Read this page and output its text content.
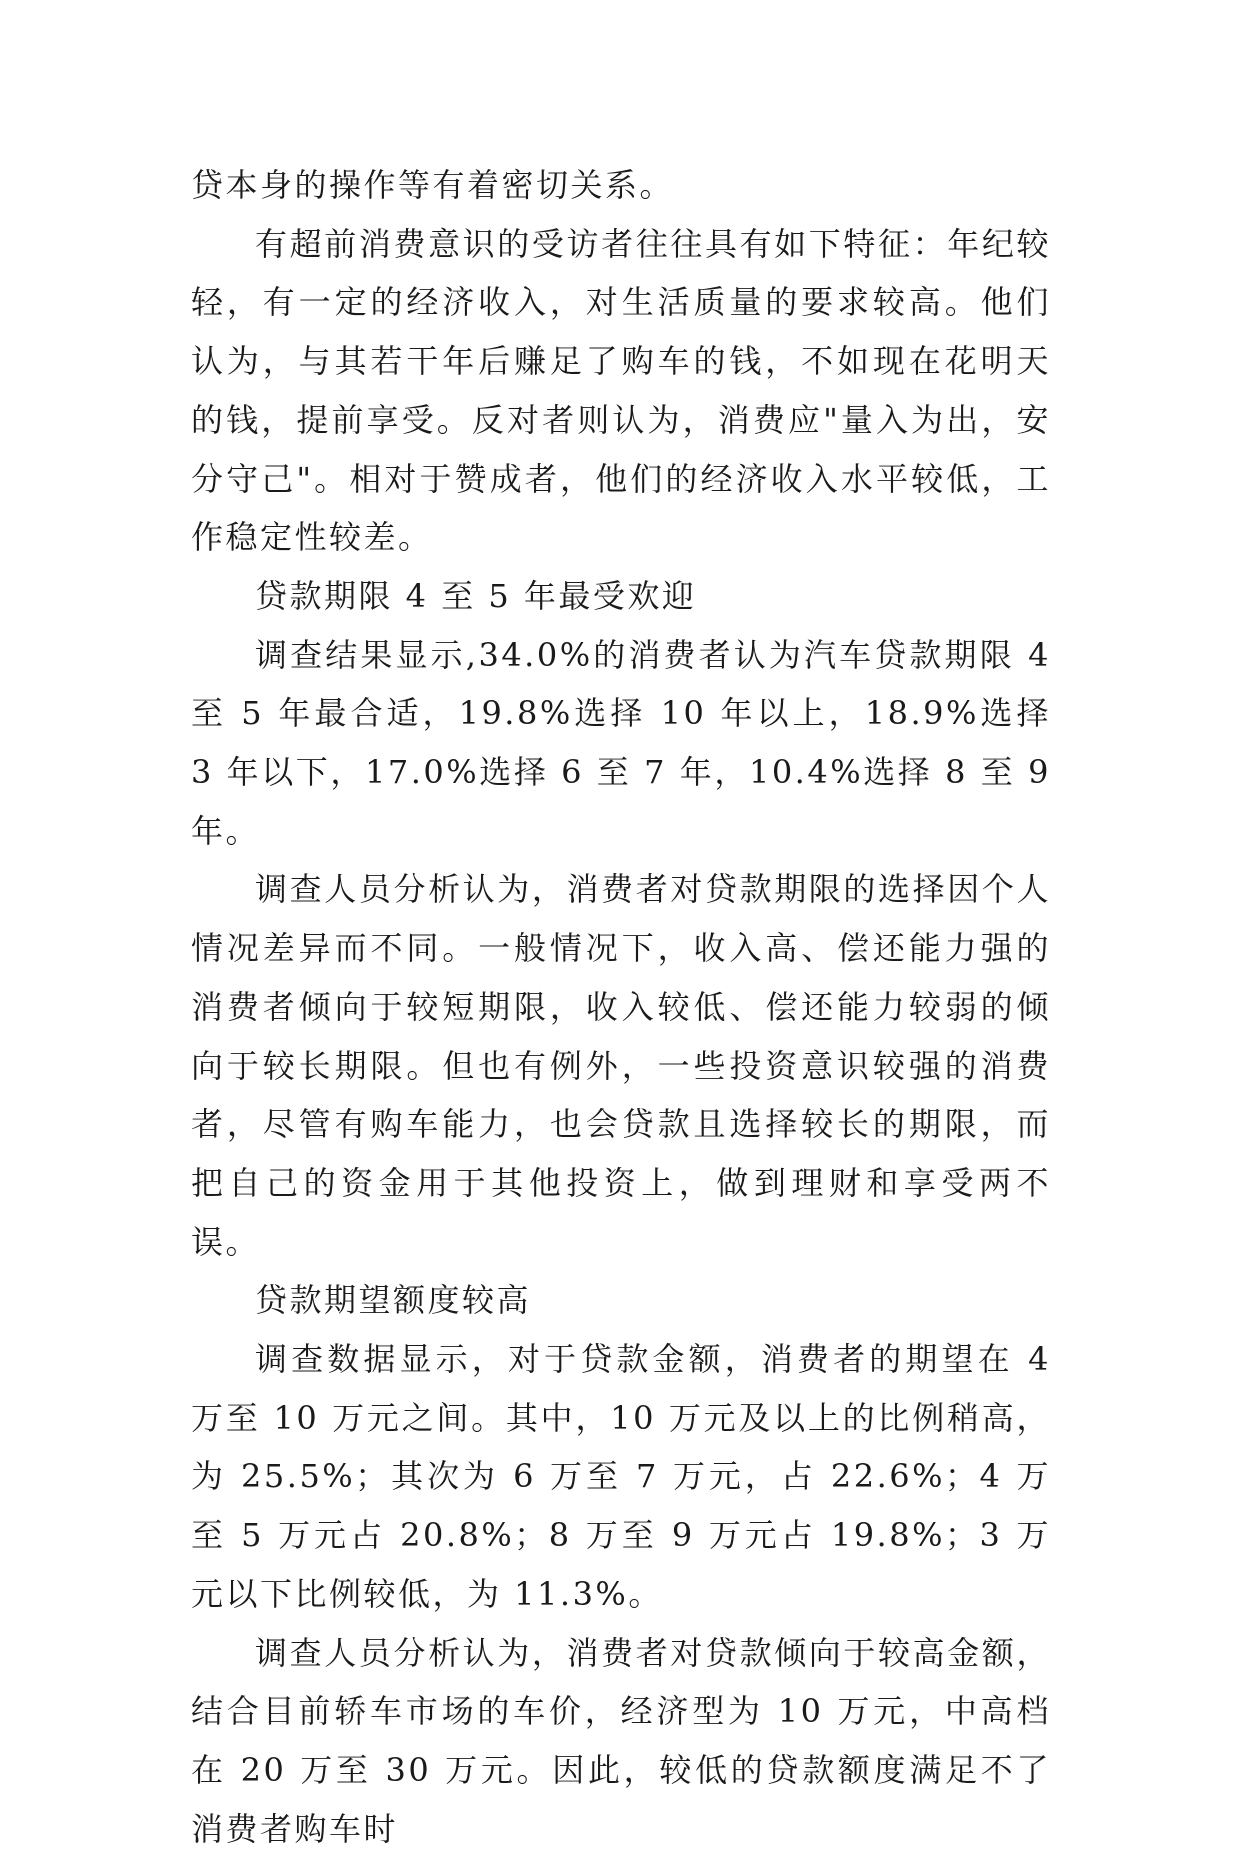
贷本身的操作等有着密切关系。

有超前消费意识的受访者往往具有如下特征：年纪较轻，有一定的经济收入，对生活质量的要求较高。他们认为，与其若干年后赚足了购车的钱，不如现在花明天的钱，提前享受。反对者则认为，消费应"量入为出，安分守己"。相对于赞成者，他们的经济收入水平较低，工作稳定性较差。

贷款期限 4 至 5 年最受欢迎

调查结果显示,34.0%的消费者认为汽车贷款期限 4 至 5 年最合适，19.8%选择 10 年以上，18.9%选择 3 年以下，17.0%选择 6 至 7 年，10.4%选择 8 至 9 年。

调查人员分析认为，消费者对贷款期限的选择因个人情况差异而不同。一般情况下，收入高、偿还能力强的消费者倾向于较短期限，收入较低、偿还能力较弱的倾向于较长期限。但也有例外，一些投资意识较强的消费者，尽管有购车能力，也会贷款且选择较长的期限，而把自己的资金用于其他投资上，做到理财和享受两不误。

贷款期望额度较高

调查数据显示，对于贷款金额，消费者的期望在 4 万至 10 万元之间。其中，10 万元及以上的比例稍高，为 25.5%；其次为 6 万至 7 万元，占 22.6%；4 万至 5 万元占 20.8%；8 万至 9 万元占 19.8%；3 万元以下比例较低，为 11.3%。

调查人员分析认为，消费者对贷款倾向于较高金额，结合目前轿车市场的车价，经济型为 10 万元，中高档在 20 万至 30 万元。因此，较低的贷款额度满足不了消费者购车时
